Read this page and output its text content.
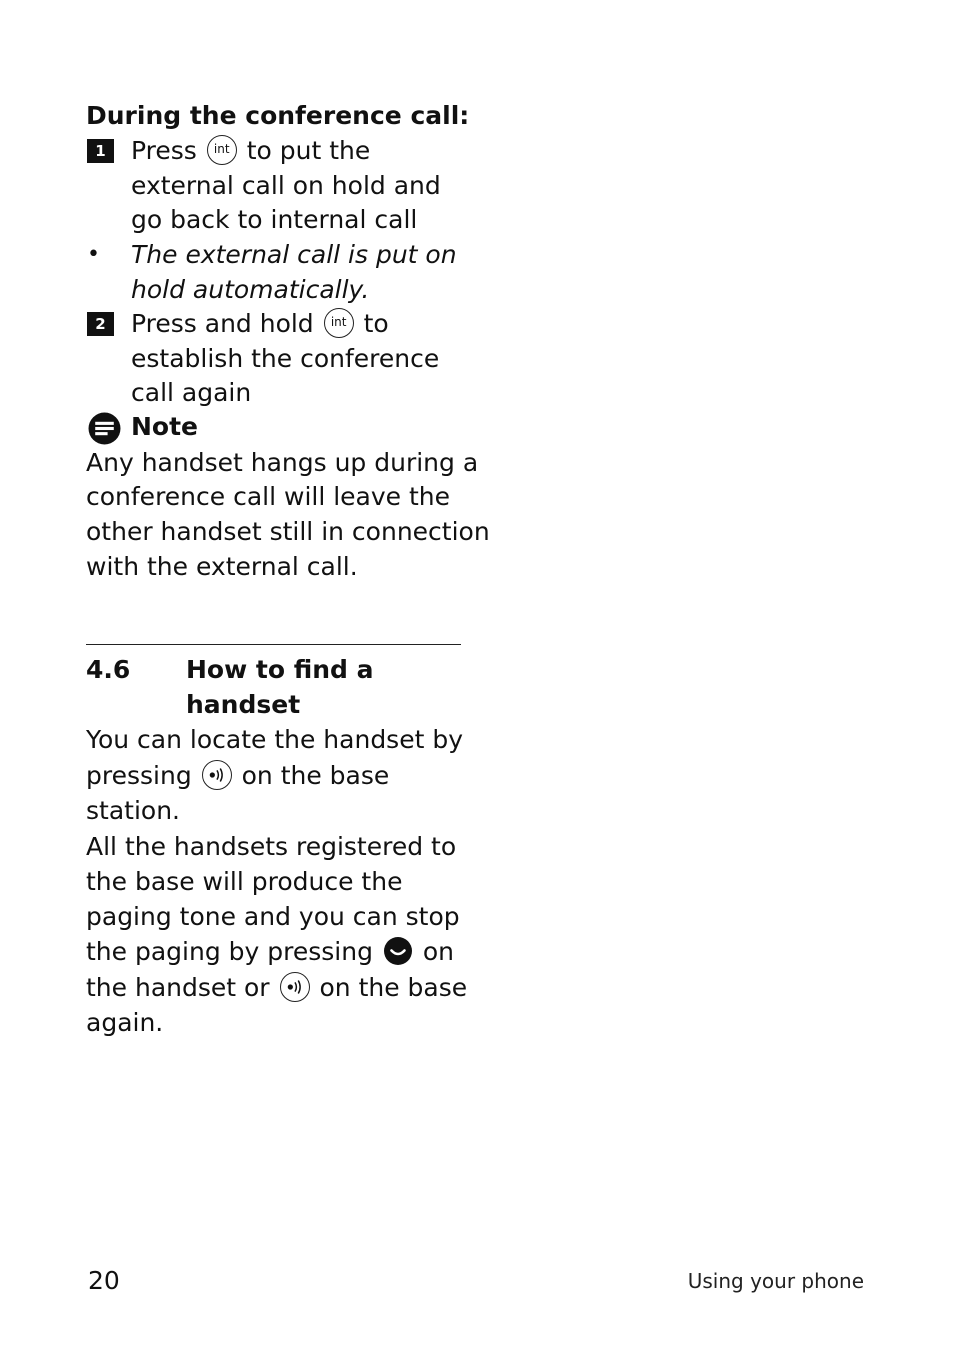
During the conference call:
1	Press int to put the
external call on hold and
go back to internal call
• The external call is put on
hold automatically.
2	Press and hold int to
establish the conference
call again
Note
Any handset hangs up during a
conference call will leave the
other handset still in connection
with the external call.
4.6 How to find a
handset
You can locate the handset by
pressing on the base
station.
All the handsets registered to
the base will produce the
paging tone and you can stop
the paging by pressing on
the handset or on the base
again.
20	Using your phone
